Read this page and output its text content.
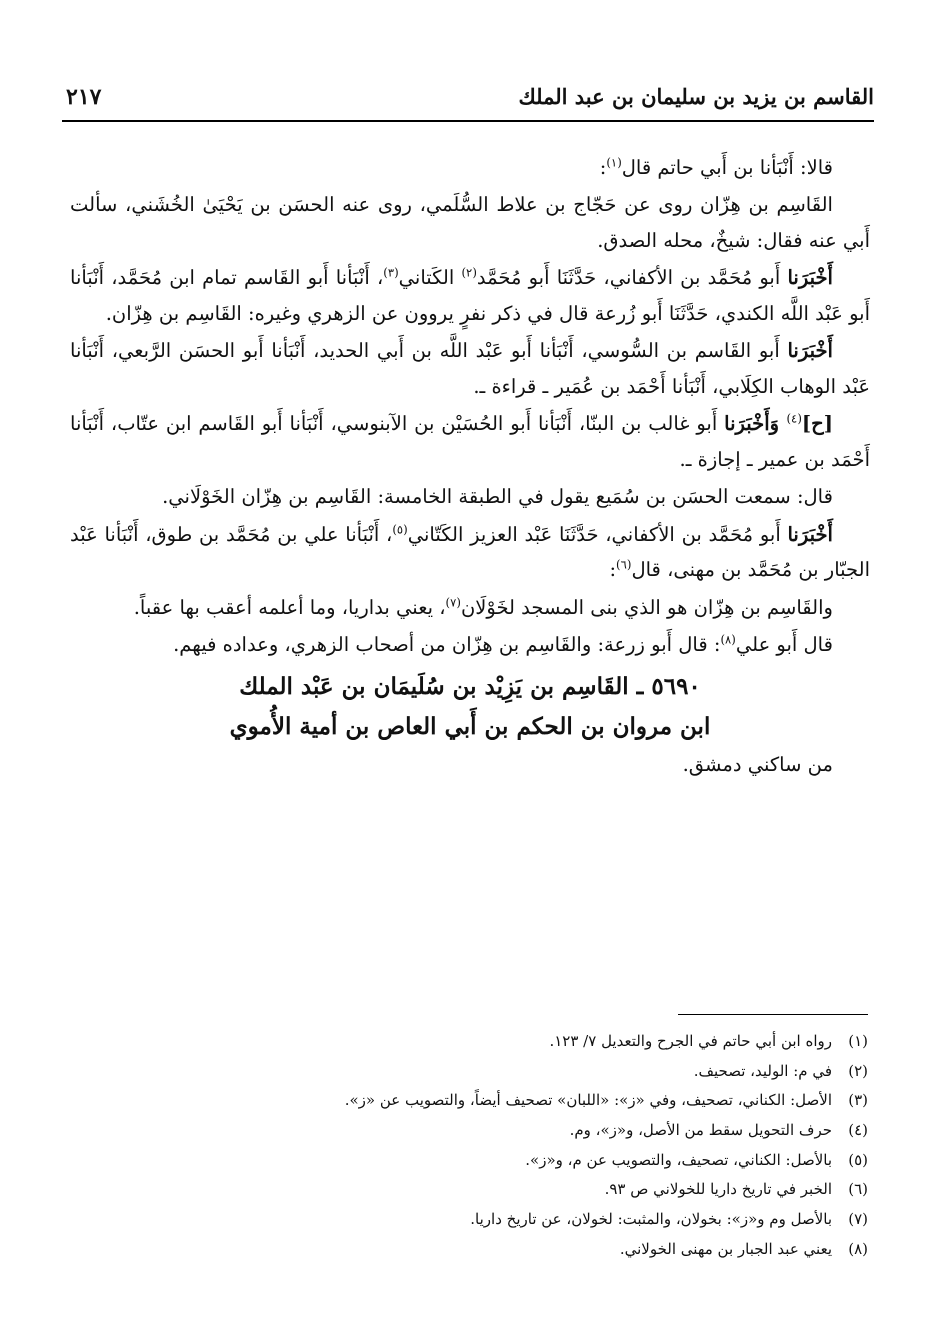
٢١٧	القاسم بن يزيد بن سليمان بن عبد الملك

قالا: أَنْبَأنا بن أَبي حاتم قال$^{(١)}$:

القَاسِم بن هِزّان روى عن حَجّاج بن علاط السُّلَمي، روى عنه الحسَن بن يَحْيَىٰ الخُشَني، سألت أَبي عنه فقال: شيخٌ، محله الصدق.

أَخْبَرَنا أَبو مُحَمَّد بن الأكفاني، حَدَّثَنَا أَبو مُحَمَّد$^{(٢)}$ الكَتاني$^{(٣)}$، أَنْبَأنا أَبو القَاسم تمام ابن مُحَمَّد، أَنْبَأنا أَبو عَبْد اللَّه الكندي، حَدَّثَنَا أَبو زُرعة قال في ذكر نفرٍ يروون عن الزهري وغيره: القَاسِم بن هِزّان.

أَخْبَرَنا أَبو القَاسم بن السُّوسي، أَنْبَأنا أَبو عَبْد اللَّه بن أَبي الحديد، أَنْبَأنا أَبو الحسَن الرَّبعي، أَنْبَأنا عَبْد الوهاب الكِلَابي، أَنْبَأنا أَحْمَد بن عُمَير ـ قراءة ـ.

[ح]$^{(٤)}$ وَأَخْبَرَنا أَبو غالب بن البنّا، أَنْبَأنا أَبو الحُسَيْن بن الآبنوسي، أَنْبَأنا أَبو القَاسم ابن عتّاب، أَنْبَأنا أَحْمَد بن عمير ـ إجازة ـ.

قال: سمعت الحسَن بن سُمَيع يقول في الطبقة الخامسة: القَاسِم بن هِزّان الخَوْلَاني.

أَخْبَرَنا أَبو مُحَمَّد بن الأكفاني، حَدَّثَنَا عَبْد العزيز الكَتّاني$^{(٥)}$، أَنْبَأنا علي بن مُحَمَّد بن طوق، أَنْبَأنا عَبْد الجبّار بن مُحَمَّد بن مهنى، قال$^{(٦)}$:

والقَاسِم بن هِزّان هو الذي بنى المسجد لخَوْلَان$^{(٧)}$، يعني بداريا، وما أعلمه أعقب بها عقباً.

قال أَبو علي$^{(٨)}$: قال أَبو زرعة: والقَاسِم بن هِزّان من أصحاب الزهري، وعداده فيهم.

٥٦٩٠ ـ القَاسِم بن يَزِيْد بن سُلَيمَان بن عَبْد الملك
ابن مروان بن الحكم بن أَبي العاص بن أمية الأُموي

من ساكني دمشق.

(١)
رواه ابن أبي حاتم في الجرح والتعديل ٧/ ١٢٣.
(٢)
في م: الوليد، تصحيف.
(٣)
الأصل: الكناني، تصحيف، وفي «ز»: «اللبان» تصحيف أيضاً، والتصويب عن «ز».
(٤)
حرف التحويل سقط من الأصل، و«ز»، وم.
(٥)
بالأصل: الكناني، تصحيف، والتصويب عن م، و«ز».
(٦)
الخبر في تاريخ داريا للخولاني ص ٩٣.
(٧)
بالأصل وم و«ز»: بخولان، والمثبت: لخولان، عن تاريخ داريا.
(٨)
يعني عبد الجبار بن مهنى الخولاني.
